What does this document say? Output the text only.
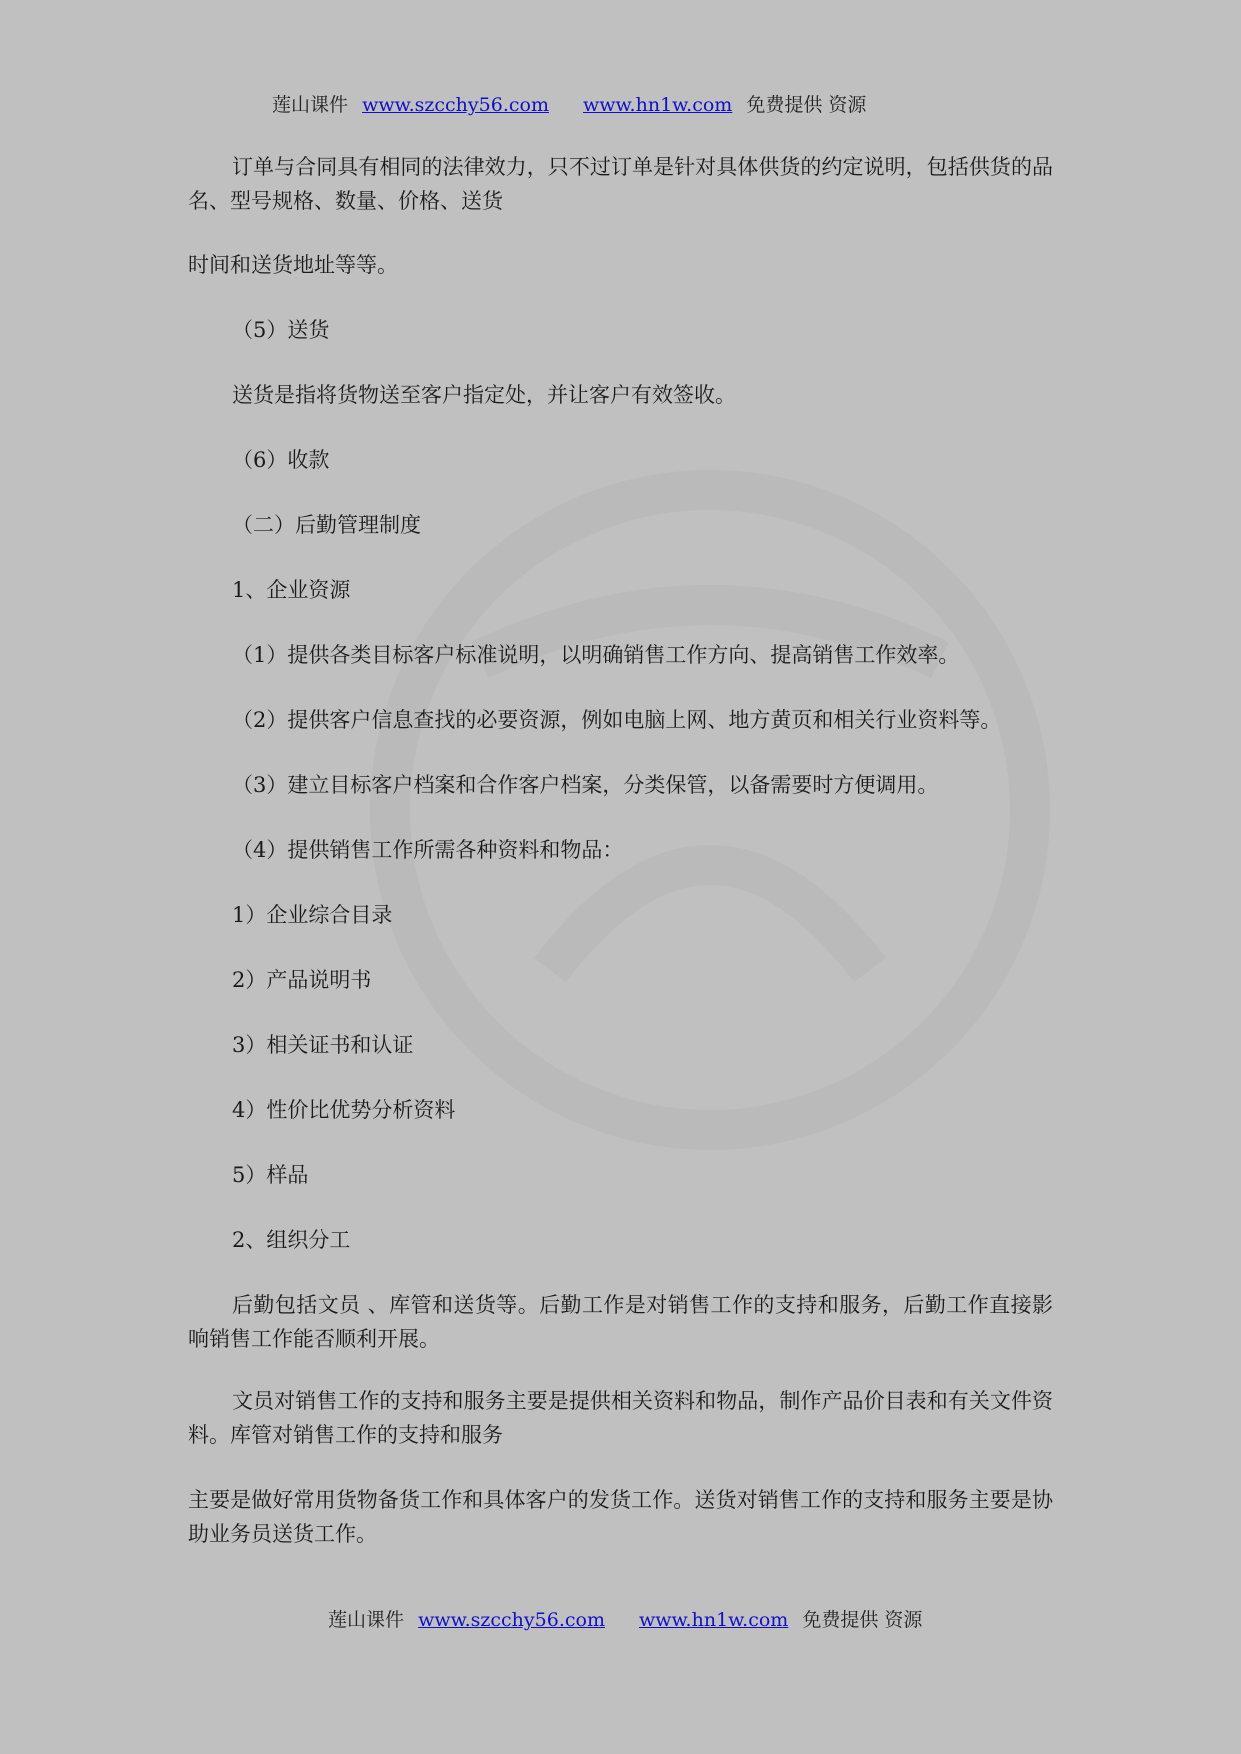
莲山课件 www.szcchy56.com www.hn1w.com 免费提供 资源

订单与合同具有相同的法律效力，只不过订单是针对具体供货的约定说明，包括供货的品名、型号规格、数量、价格、送货

时间和送货地址等等。

（5）送货

送货是指将货物送至客户指定处，并让客户有效签收。

（6）收款

（二）后勤管理制度

1、企业资源

（1）提供各类目标客户标准说明，以明确销售工作方向、提高销售工作效率。

（2）提供客户信息查找的必要资源，例如电脑上网、地方黄页和相关行业资料等。

（3）建立目标客户档案和合作客户档案，分类保管，以备需要时方便调用。

（4）提供销售工作所需各种资料和物品：

1）企业综合目录

2）产品说明书

3）相关证书和认证

4）性价比优势分析资料

5）样品

2、组织分工

后勤包括文员 、库管和送货等。后勤工作是对销售工作的支持和服务，后勤工作直接影响销售工作能否顺利开展。

文员对销售工作的支持和服务主要是提供相关资料和物品，制作产品价目表和有关文件资料。库管对销售工作的支持和服务

主要是做好常用货物备货工作和具体客户的发货工作。送货对销售工作的支持和服务主要是协助业务员送货工作。

莲山课件 www.szcchy56.com www.hn1w.com 免费提供 资源
